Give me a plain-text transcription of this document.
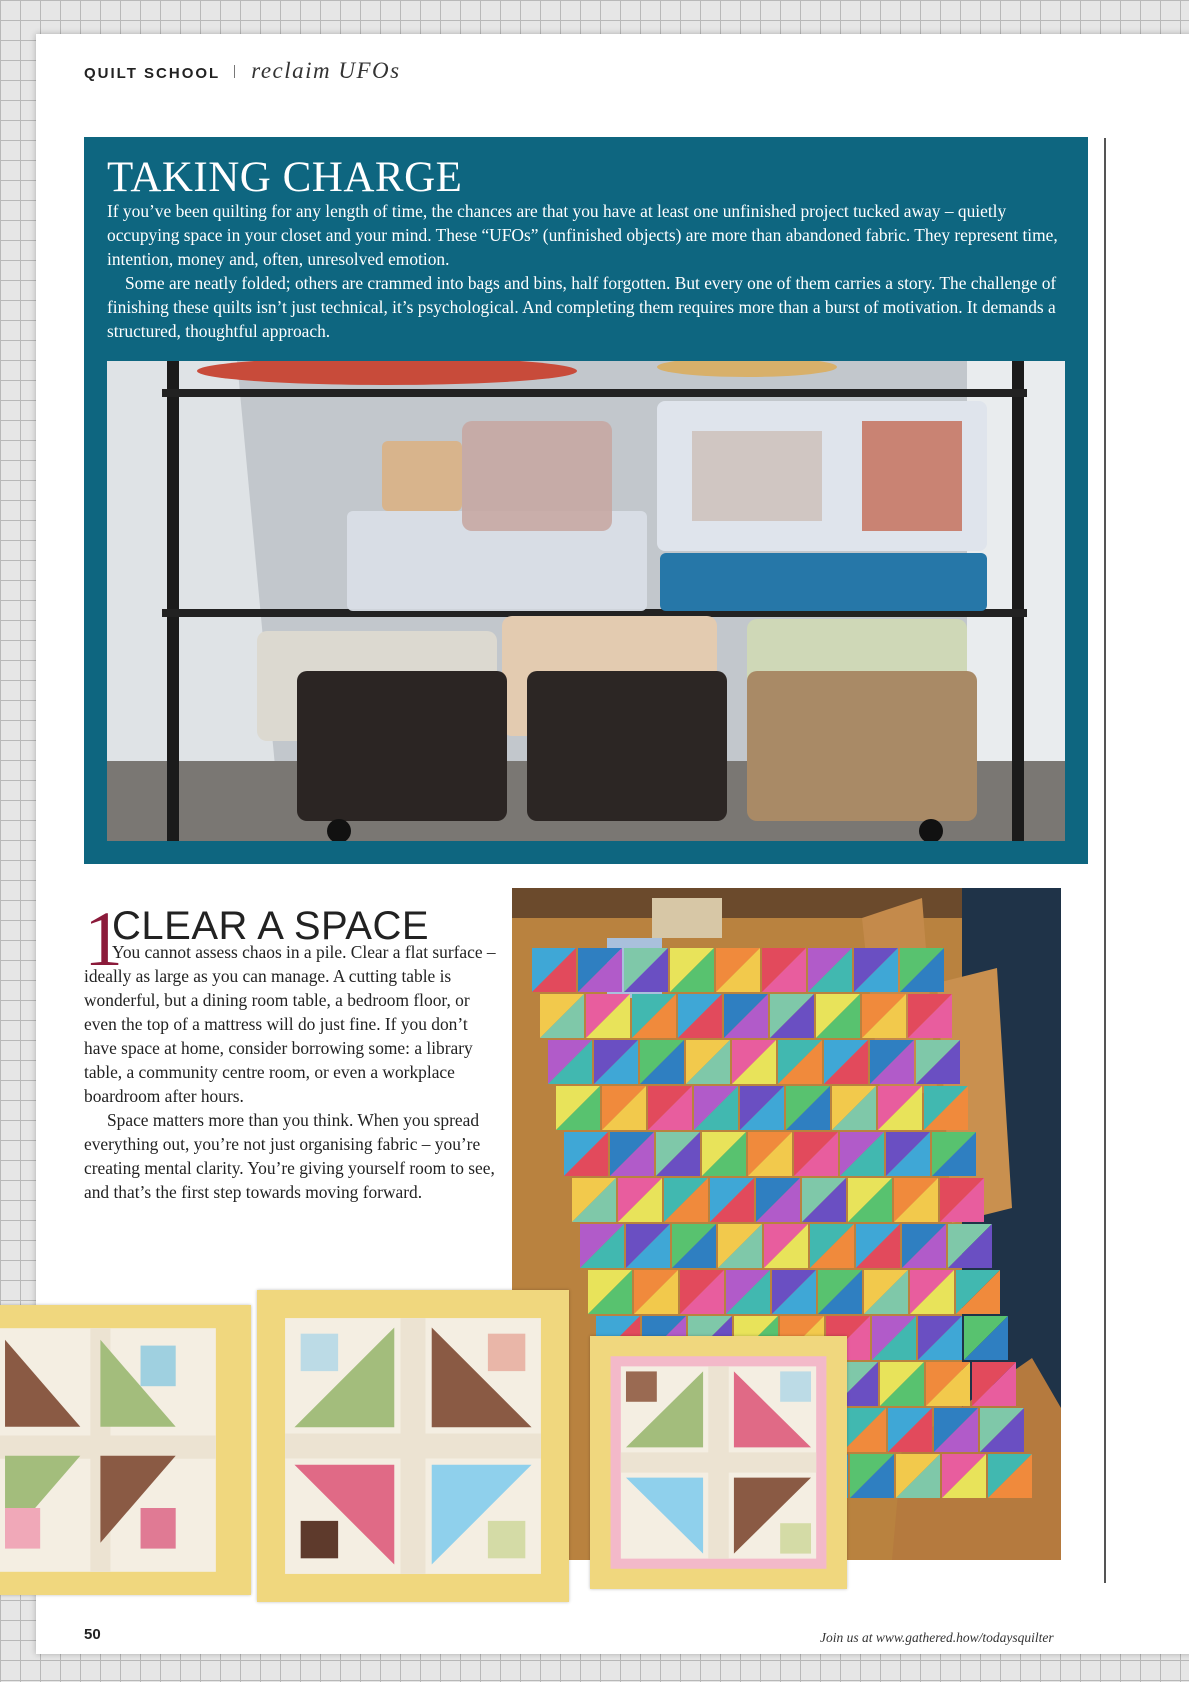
QUILT SCHOOL reclaim UFOs
TAKING CHARGE

If you’ve been quilting for any length of time, the chances are that you have at least one unfinished project tucked away – quietly occupying space in your closet and your mind. These “UFOs” (unfinished objects) are more than abandoned fabric. They represent time, intention, money and, often, unresolved emotion.

Some are neatly folded; others are crammed into bags and bins, half forgotten. But every one of them carries a story. The challenge of finishing these quilts isn’t just technical, it’s psychological. And completing them requires more than a burst of motivation. It demands a structured, thoughtful approach.

1
CLEAR A SPACE

You cannot assess chaos in a pile. Clear a flat surface – ideally as large as you can manage. A cutting table is wonderful, but a dining room table, a bedroom floor, or even the top of a mattress will do just fine. If you don’t have space at home, consider borrowing some: a library table, a community centre room, or even a workplace boardroom after hours.

Space matters more than you think. When you spread everything out, you’re not just organising fabric – you’re creating mental clarity. You’re giving yourself room to see, and that’s the first step towards moving forward.

50	Join us at www.gathered.how/todaysquilter
